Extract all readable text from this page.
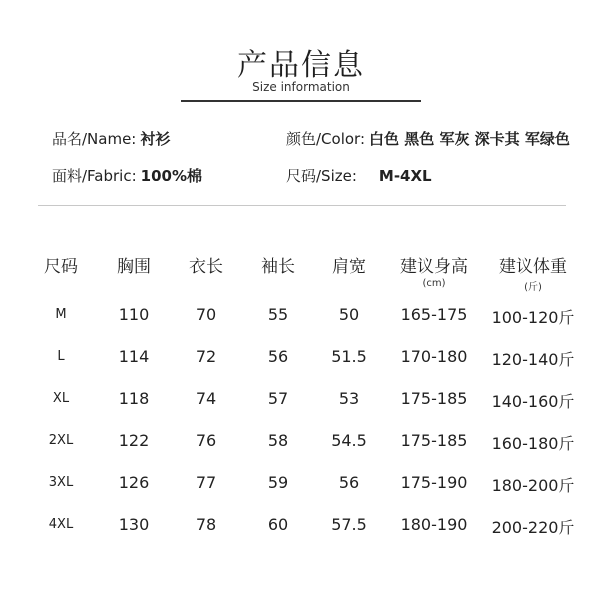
产品信息
Size information
品名/Name: 衬衫	颜色/Color: 白色 黑色 军灰 深卡其 军绿色
面料/Fabric: 100%棉	尺码/Size: M-4XL
尺码 胸围 衣长 袖长 肩宽 建议身高
(cm)
建议体重
(斤)
M	110	70	55	50	165-175 100-120斤
L	114	72	56	51.5 170-180 120-140斤
XL	118	74	57	53	175-185 140-160斤
2XL	122	76	58	54.5 175-185 160-180斤
3XL	126	77	59	56	175-190 180-200斤
4XL	130	78	60	57.5 180-190 200-220斤
